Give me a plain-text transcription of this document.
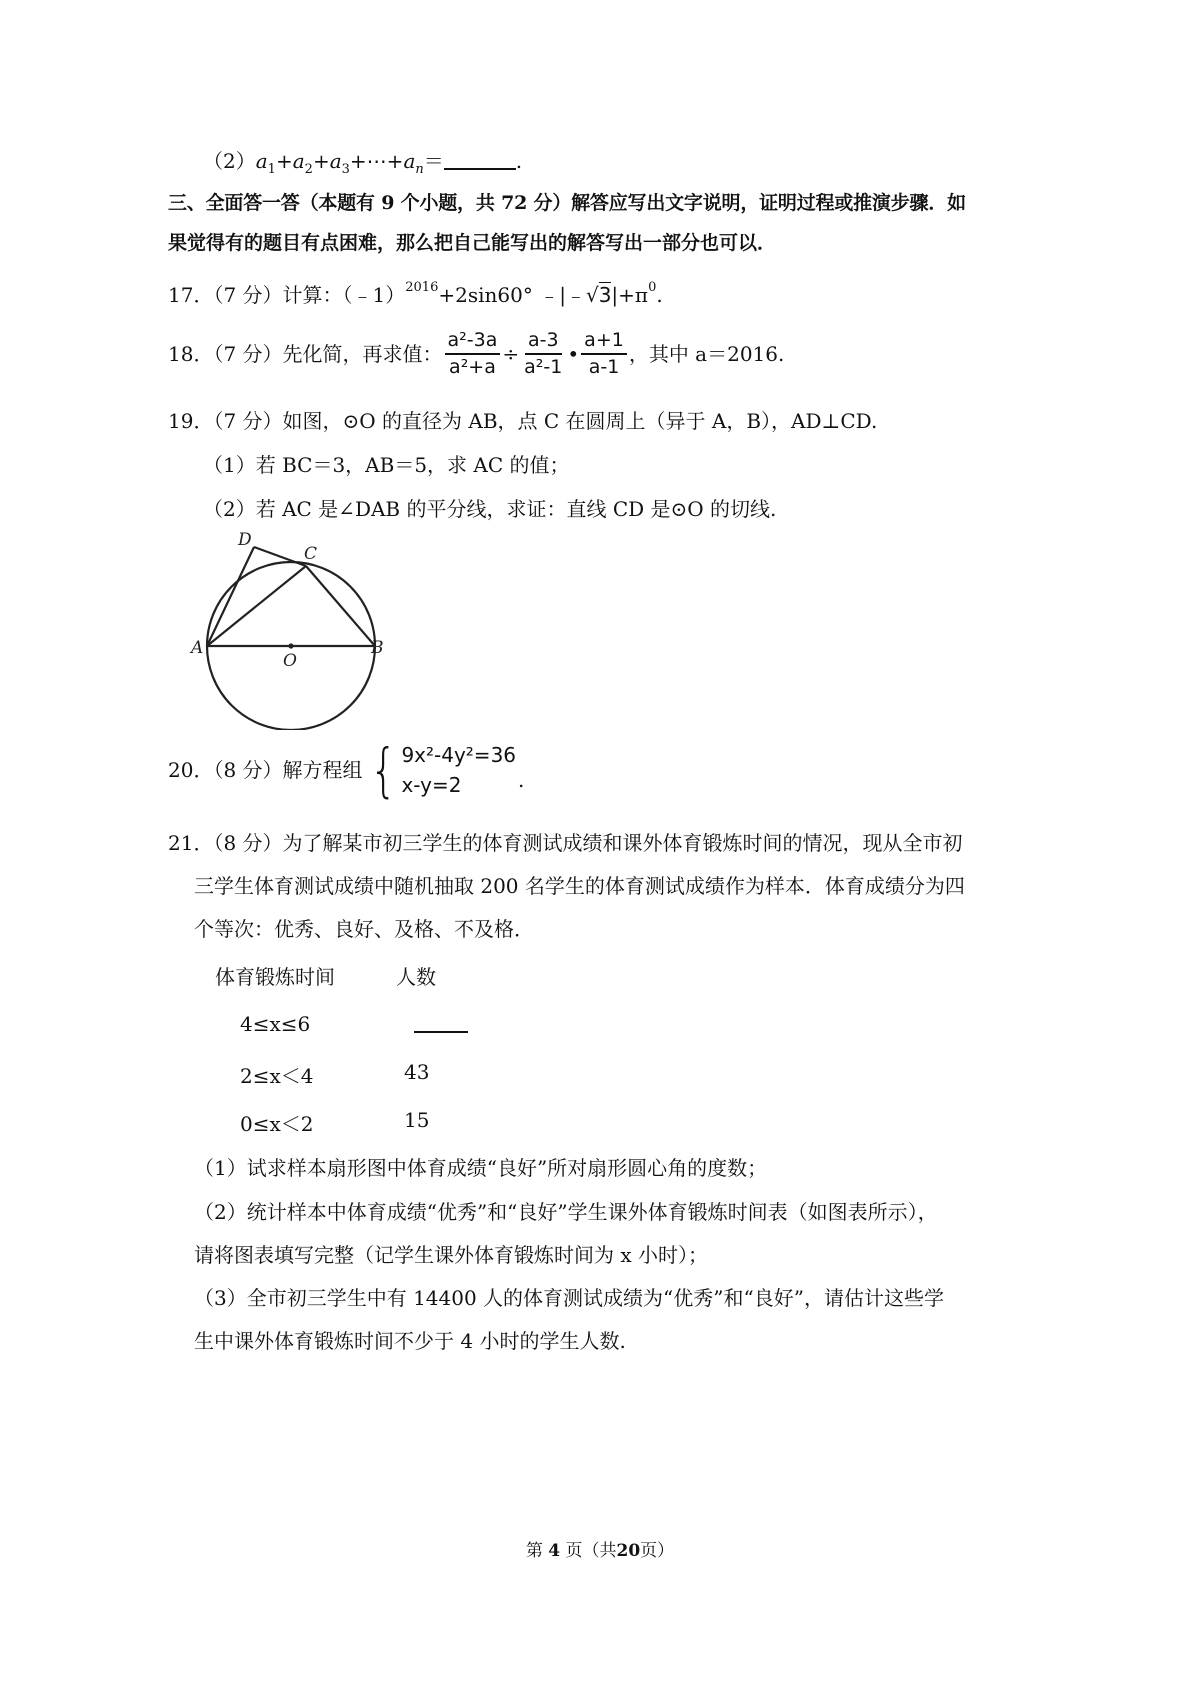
$(2)a_1+a_2+a_3+\cdots+a_n=$	.
三、全面答一答（本题有 9 个小题，共 72 分）解答应写出文字说明，证明过程或推演步骤．如
果觉得有的题目有点困难，那么把自己能写出的解答写出一部分也可以．
17．（7 分）计算：（﹣1）$^{2016}$+2sin60° $﹣|﹣√3|+\pi^0$.
18．（7 分）先化简，再求值： $\frac{\text{a²-3a}}{\text{a²+a}} \div \frac{a-3}{\text{a²-1}}$ • $\frac{a+1}{a-1}$ ，其中 a＝2016.
19．（7 分）如图，⊙O 的直径为 AB，点 C 在圆周上（异于 A，B），AD⊥CD.
（1）若 BC＝3，AB＝5，求 AC 的值；
（2）若 AC 是∠DAB 的平分线，求证：直线 CD 是⊙O 的切线.
D
C
A	B
O
20．（8 分）解方程组 { 9x²-4y²=36
x-y=2	.
21．（8 分）为了解某市初三学生的体育测试成绩和课外体育锻炼时间的情况，现从全市初
三学生体育测试成绩中随机抽取 200 名学生的体育测试成绩作为样本．体育成绩分为四
个等次：优秀、良好、及格、不及格．
体育锻炼时间	人数
4≤x≤6
2≤x＜4	43
0≤x＜2	15
（1）试求样本扇形图中体育成绩“良好”所对扇形圆心角的度数；
（2）统计样本中体育成绩“优秀”和“良好”学生课外体育锻炼时间表（如图表所示），
请将图表填写完整（记学生课外体育锻炼时间为 x 小时）；
（3）全市初三学生中有 14400 人的体育测试成绩为“优秀”和“良好”，请估计这些学
生中课外体育锻炼时间不少于 4 小时的学生人数.
第 4 页（共20页）
